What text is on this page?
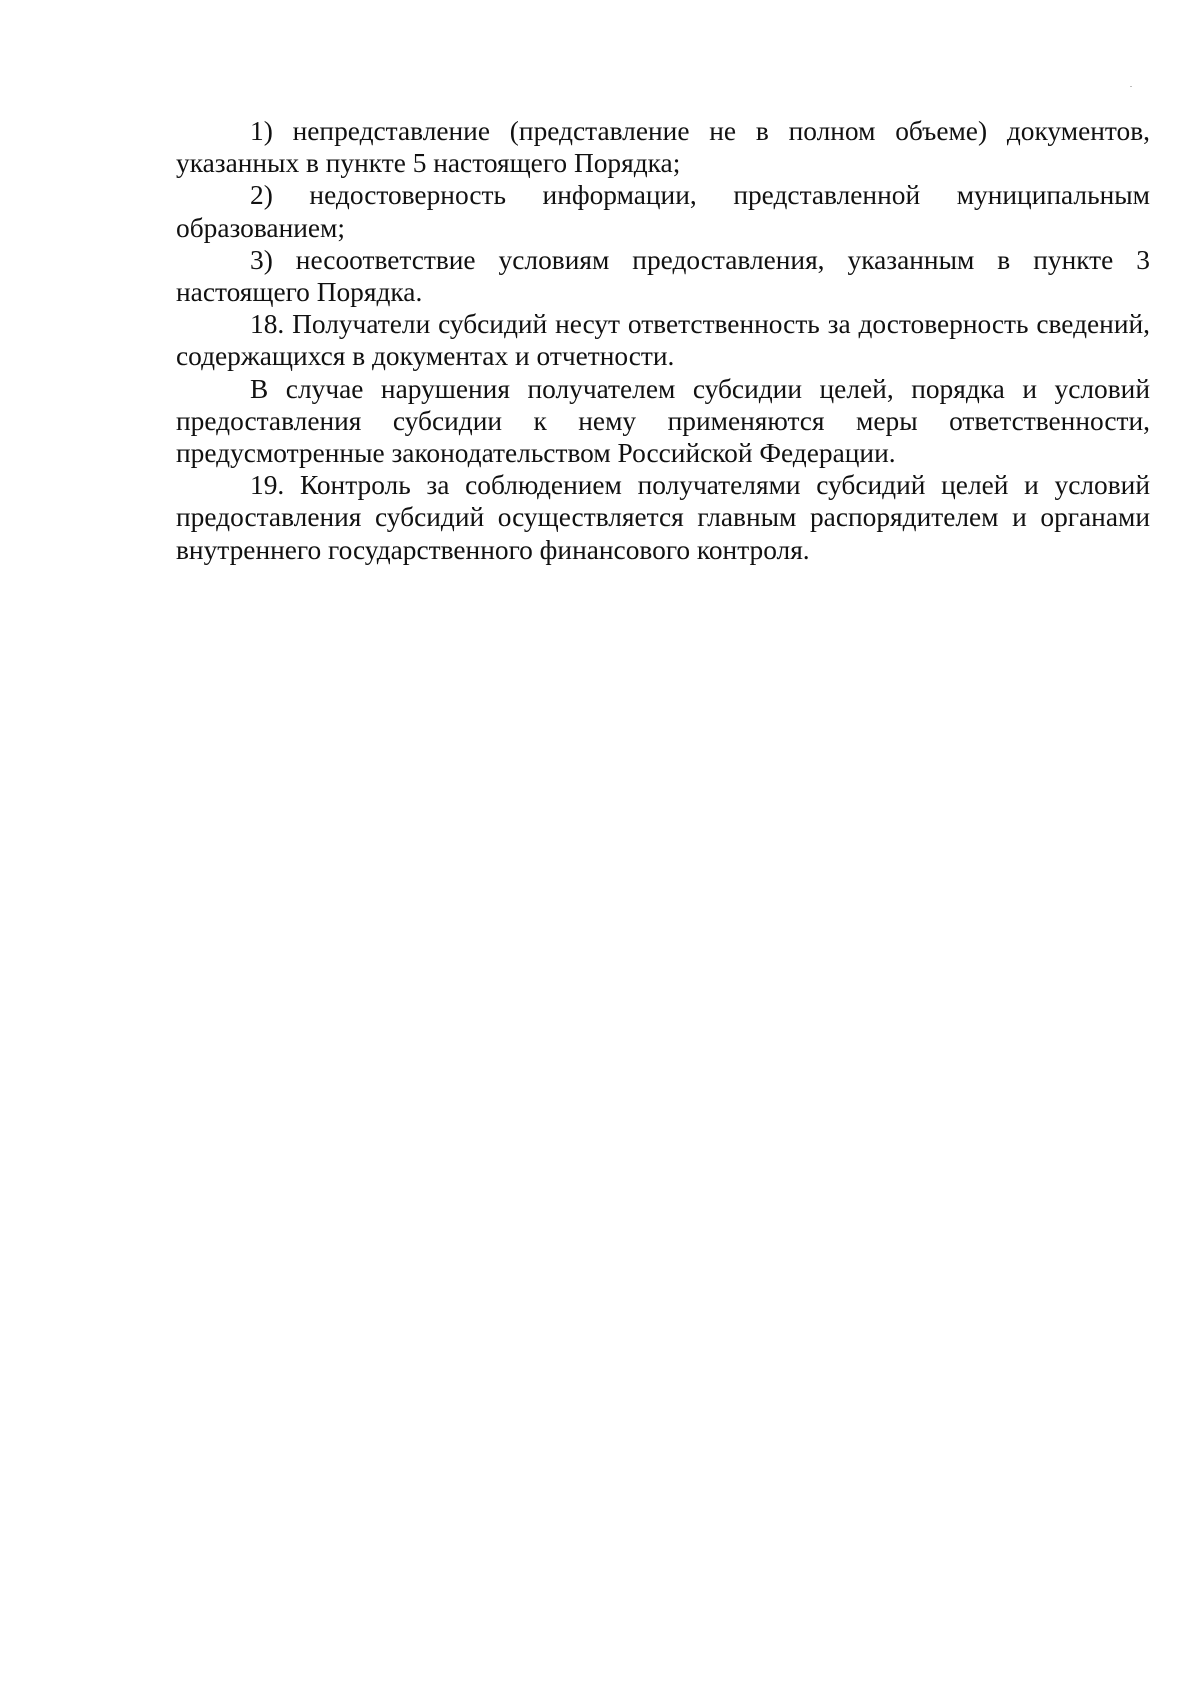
1) непредставление (представление не в полном объеме) документов, указанных в пункте 5 настоящего Порядка;

2) недостоверность информации, представленной муниципальным образованием;

3) несоответствие условиям предоставления, указанным в пункте 3 настоящего Порядка.

18. Получатели субсидий несут ответственность за достоверность сведений, содержащихся в документах и отчетности.

В случае нарушения получателем субсидии целей, порядка и условий предоставления субсидии к нему применяются меры ответственности, предусмотренные законодательством Российской Федерации.

19. Контроль за соблюдением получателями субсидий целей и условий предоставления субсидий осуществляется главным распорядителем и органами внутреннего государственного финансового контроля.
